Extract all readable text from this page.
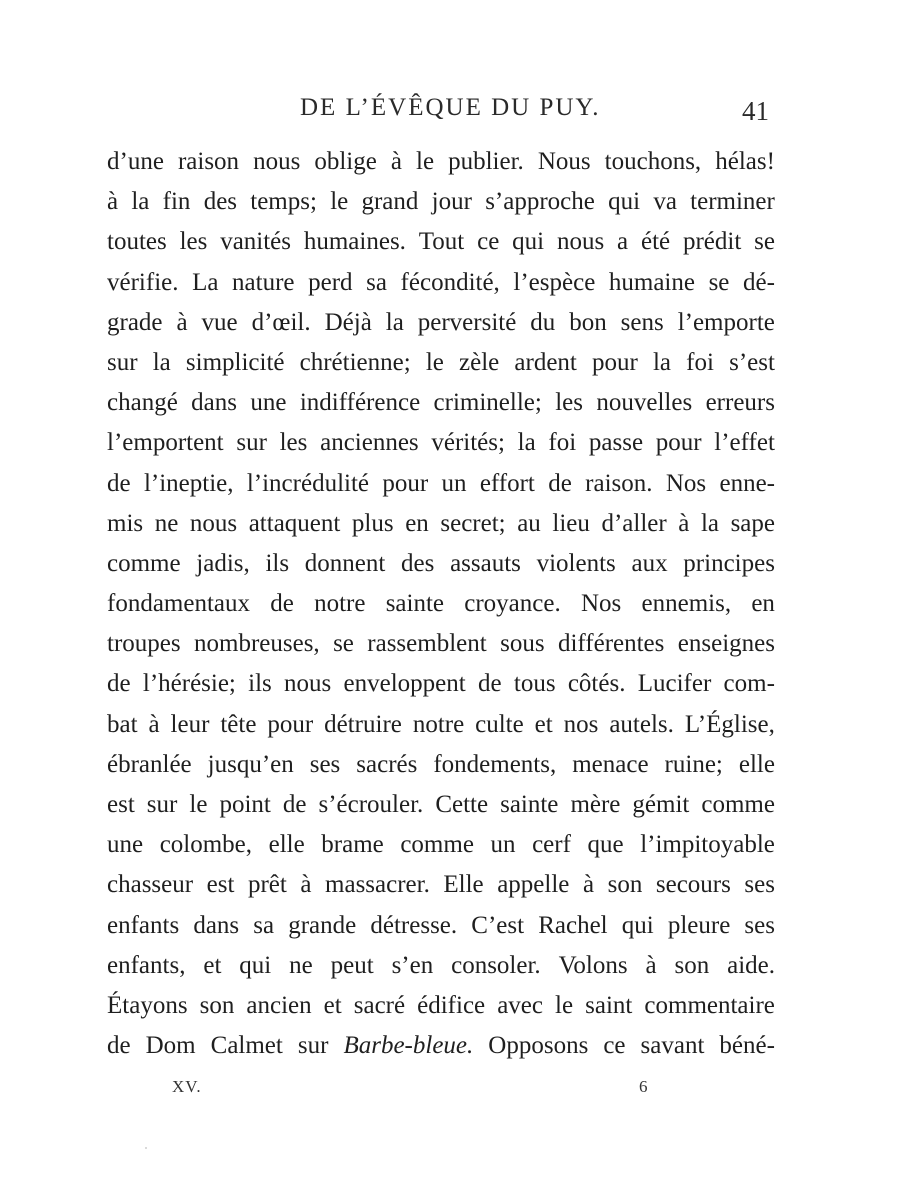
DE L’ÉVÊQUE DU PUY.	41
d’une raison nous oblige à le publier. Nous touchons, hélas!
à la fin des temps; le grand jour s’approche qui va terminer
toutes les vanités humaines. Tout ce qui nous a été prédit se
vérifie. La nature perd sa fécondité, l’espèce humaine se dé-
grade à vue d’œil. Déjà la perversité du bon sens l’emporte
sur la simplicité chrétienne; le zèle ardent pour la foi s’est
changé dans une indifférence criminelle; les nouvelles erreurs
l’emportent sur les anciennes vérités; la foi passe pour l’effet
de l’ineptie, l’incrédulité pour un effort de raison. Nos enne-
mis ne nous attaquent plus en secret; au lieu d’aller à la sape
comme jadis, ils donnent des assauts violents aux principes
fondamentaux de notre sainte croyance. Nos ennemis, en
troupes nombreuses, se rassemblent sous différentes enseignes
de l’hérésie; ils nous enveloppent de tous côtés. Lucifer com-
bat à leur tête pour détruire notre culte et nos autels. L’Église,
ébranlée jusqu’en ses sacrés fondements, menace ruine; elle
est sur le point de s’écrouler. Cette sainte mère gémit comme
une colombe, elle brame comme un cerf que l’impitoyable
chasseur est prêt à massacrer. Elle appelle à son secours ses
enfants dans sa grande détresse. C’est Rachel qui pleure ses
enfants, et qui ne peut s’en consoler. Volons à son aide.
Étayons son ancien et sacré édifice avec le saint commentaire
de Dom Calmet sur Barbe-bleue. Opposons ce savant béné-
XV.	6
